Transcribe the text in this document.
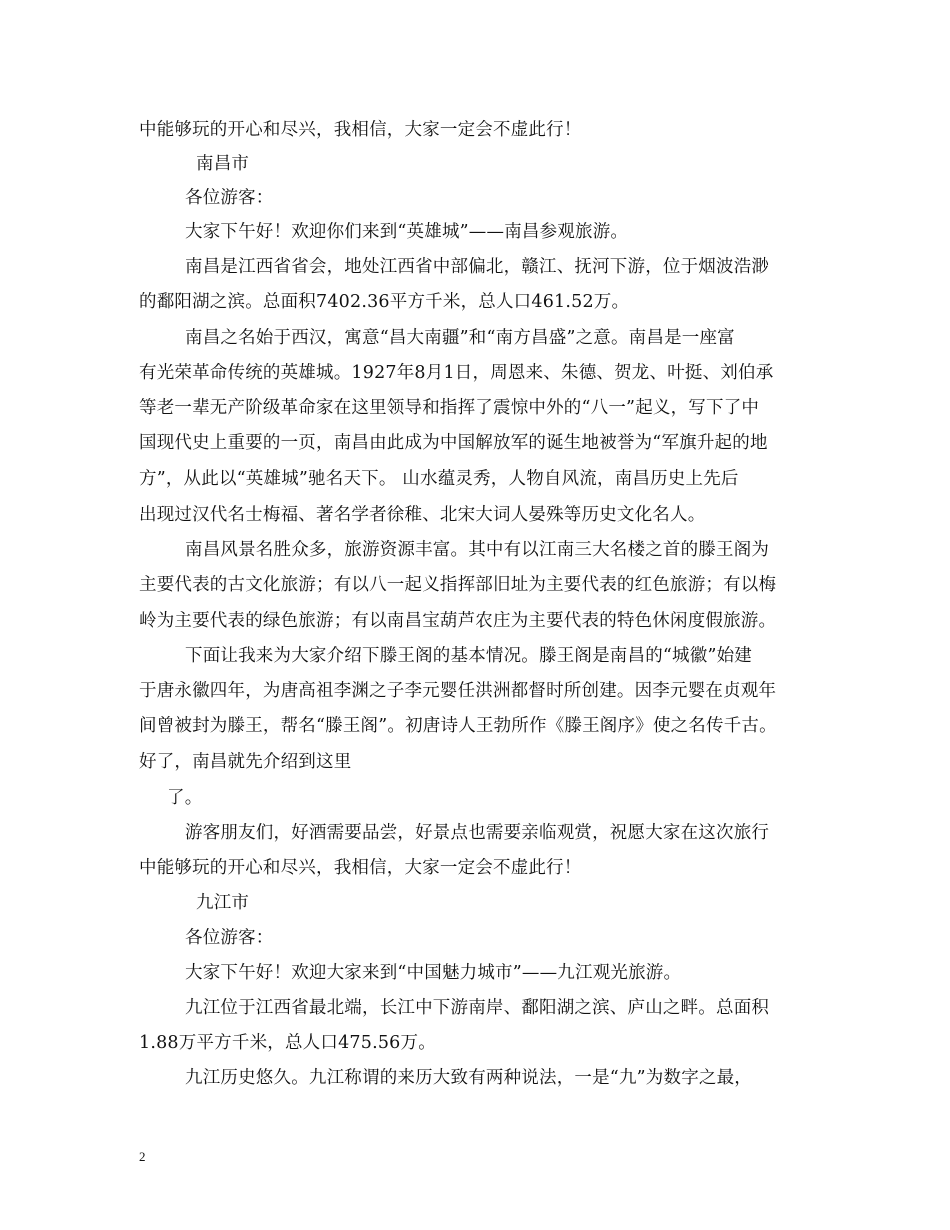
中能够玩的开心和尽兴，我相信，大家一定会不虚此行！
南昌市
各位游客：
大家下午好！欢迎你们来到“英雄城”——南昌参观旅游。
南昌是江西省省会，地处江西省中部偏北，赣江、抚河下游，位于烟波浩渺
的鄱阳湖之滨。总面积7402.36平方千米，总人口461.52万。
南昌之名始于西汉，寓意“昌大南疆”和“南方昌盛”之意。南昌是一座富
有光荣革命传统的英雄城。1927年8月1日，周恩来、朱德、贺龙、叶挺、刘伯承
等老一辈无产阶级革命家在这里领导和指挥了震惊中外的“八一”起义，写下了中
国现代史上重要的一页，南昌由此成为中国解放军的诞生地被誉为“军旗升起的地
方”，从此以“英雄城”驰名天下。 山水蕴灵秀，人物自风流，南昌历史上先后
出现过汉代名士梅福、著名学者徐稚、北宋大词人晏殊等历史文化名人。
南昌风景名胜众多，旅游资源丰富。其中有以江南三大名楼之首的滕王阁为
主要代表的古文化旅游；有以八一起义指挥部旧址为主要代表的红色旅游；有以梅
岭为主要代表的绿色旅游；有以南昌宝葫芦农庄为主要代表的特色休闲度假旅游。
下面让我来为大家介绍下滕王阁的基本情况。滕王阁是南昌的“城徽”始建
于唐永徽四年，为唐高祖李渊之子李元婴任洪洲都督时所创建。因李元婴在贞观年
间曾被封为滕王，帮名“滕王阁”。初唐诗人王勃所作《滕王阁序》使之名传千古。
好了，南昌就先介绍到这里
了。
游客朋友们，好酒需要品尝，好景点也需要亲临观赏，祝愿大家在这次旅行
中能够玩的开心和尽兴，我相信，大家一定会不虚此行！
九江市
各位游客：
大家下午好！欢迎大家来到“中国魅力城市”——九江观光旅游。
九江位于江西省最北端，长江中下游南岸、鄱阳湖之滨、庐山之畔。总面积
1.88万平方千米，总人口475.56万。
九江历史悠久。九江称谓的来历大致有两种说法，一是“九”为数字之最，
2
